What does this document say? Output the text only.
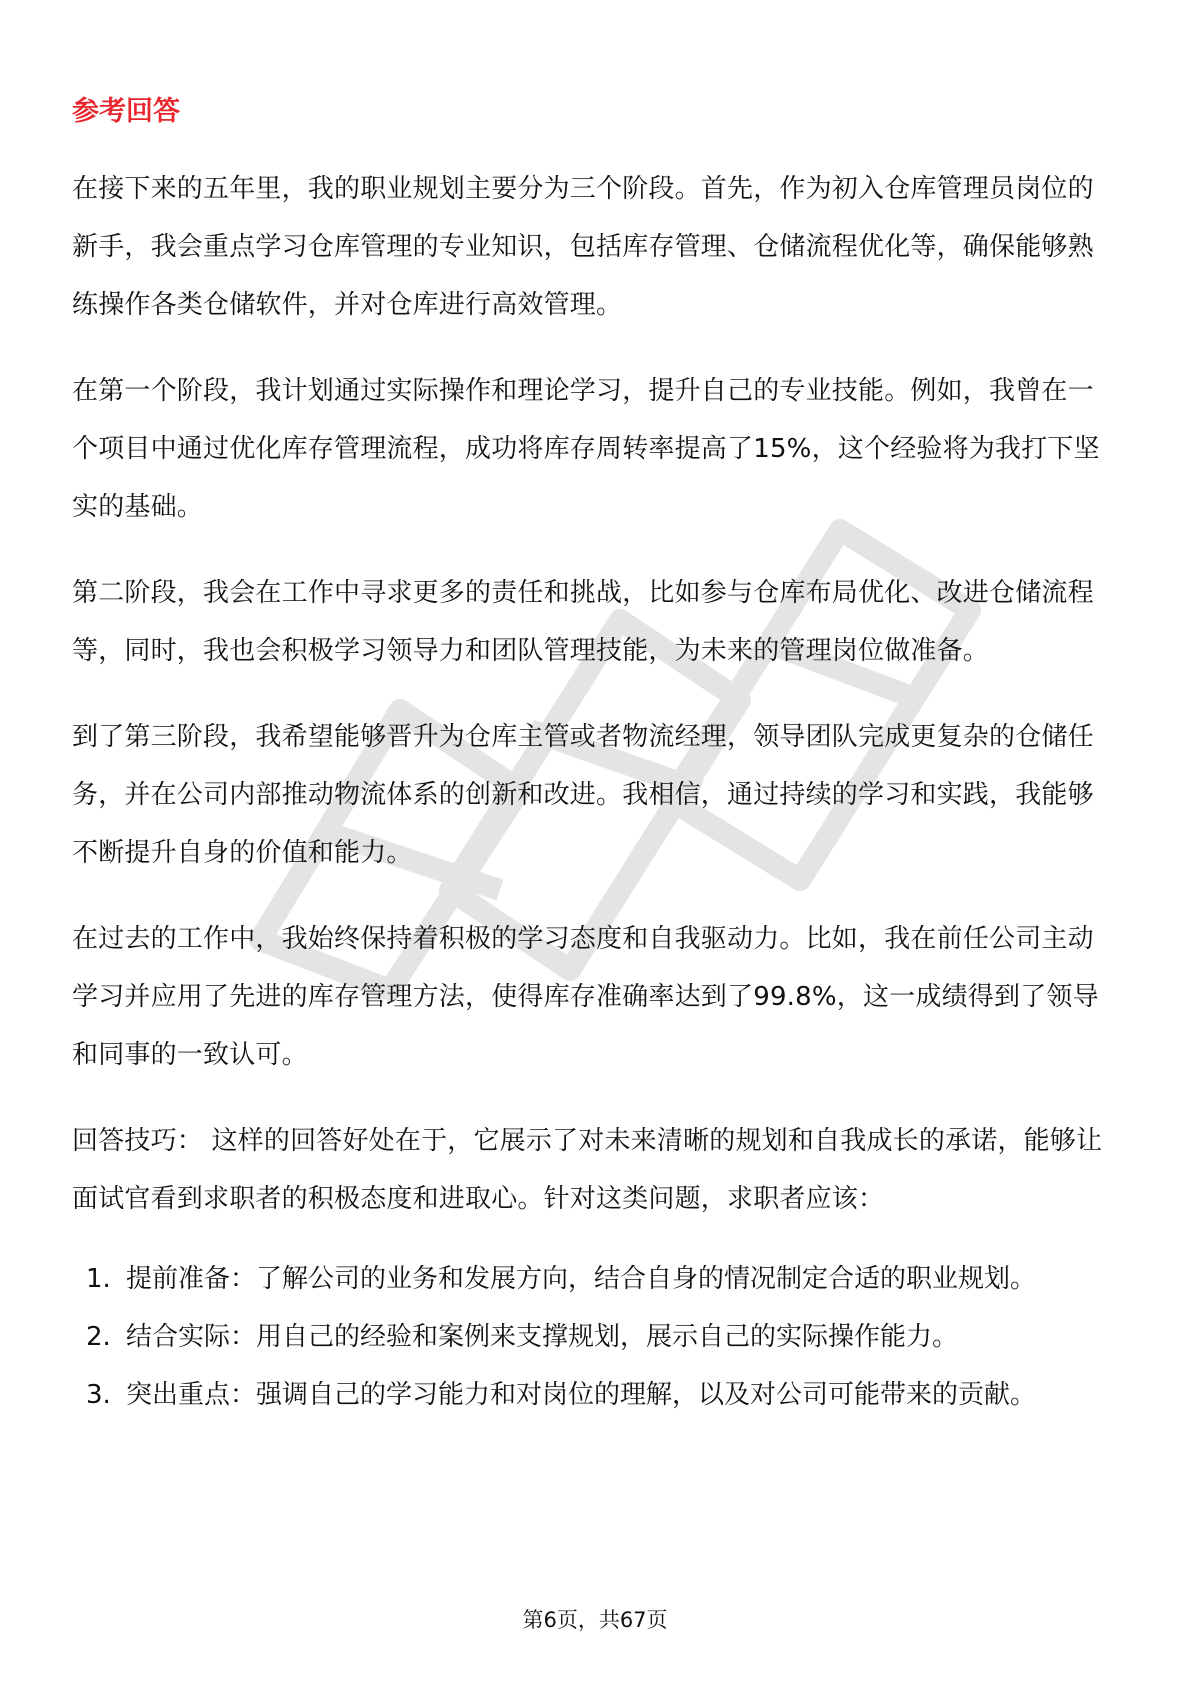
参考回答

在接下来的五年里，我的职业规划主要分为三个阶段。首先，作为初入仓库管理员岗位的新手，我会重点学习仓库管理的专业知识，包括库存管理、仓储流程优化等，确保能够熟练操作各类仓储软件，并对仓库进行高效管理。

在第一个阶段，我计划通过实际操作和理论学习，提升自己的专业技能。例如，我曾在一个项目中通过优化库存管理流程，成功将库存周转率提高了15%，这个经验将为我打下坚实的基础。

第二阶段，我会在工作中寻求更多的责任和挑战，比如参与仓库布局优化、改进仓储流程等，同时，我也会积极学习领导力和团队管理技能，为未来的管理岗位做准备。

到了第三阶段，我希望能够晋升为仓库主管或者物流经理，领导团队完成更复杂的仓储任务，并在公司内部推动物流体系的创新和改进。我相信，通过持续的学习和实践，我能够不断提升自身的价值和能力。

在过去的工作中，我始终保持着积极的学习态度和自我驱动力。比如，我在前任公司主动学习并应用了先进的库存管理方法，使得库存准确率达到了99.8%，这一成绩得到了领导和同事的一致认可。

回答技巧： 这样的回答好处在于，它展示了对未来清晰的规划和自我成长的承诺，能够让面试官看到求职者的积极态度和进取心。针对这类问题，求职者应该：

1. 提前准备：了解公司的业务和发展方向，结合自身的情况制定合适的职业规划。
2. 结合实际：用自己的经验和案例来支撑规划，展示自己的实际操作能力。
3. 突出重点：强调自己的学习能力和对岗位的理解，以及对公司可能带来的贡献。
第6页，共67页
